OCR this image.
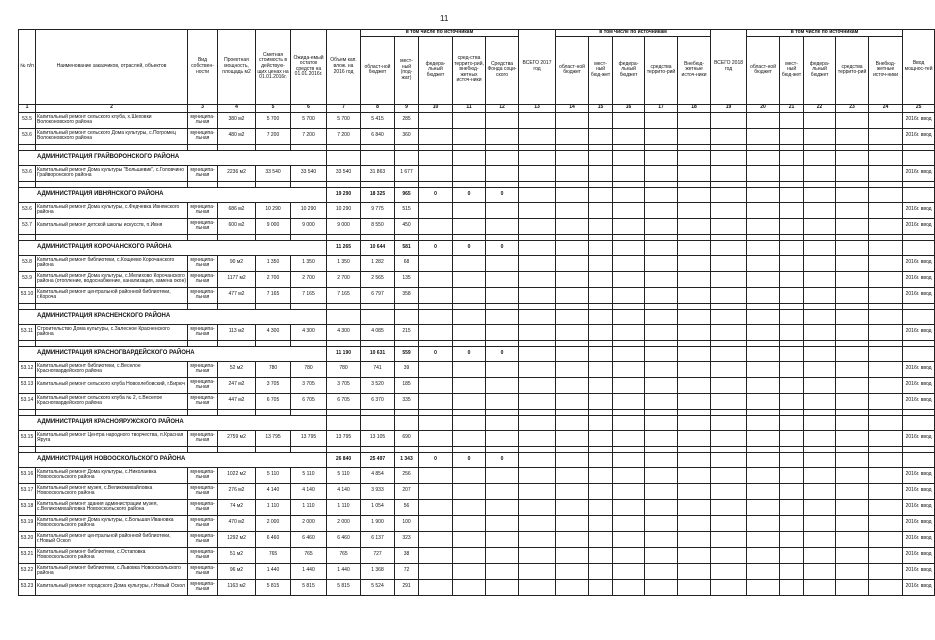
11
№ п/п	Наименование заказчиков, отраслей, объектов	Вид собствен-ности	Проектная мощность, площадь м2	Сметная стоимость в действую-щих ценах на 01.01.2016г.	Ожида-емый остаток средств на 01.01.2016г.	Объем кап. влож. на 2016 год	в том числе по источникам					ВСЕГО 2017 год	в том числе по источникам					ВСЕГО 2018 год	в том числе по источникам					Ввод мощнос-тей
							област-ной бюджет	мест-ный (под-жат)	федера-льный бюджет	сред-ства террито-рий, внебюд-жетных источ-ники	Средства Фонда соци-ского		област-ной бюджет	мест-ный бюд-жет	федера-льный бюджет	средства террито-рий	Внебюд-жетные источ-ники		област-ной бюджет	мест-ный бюд-жет	федера-льный бюджет	средства террито-рий	Внебюд-жетные источ-ники	
1	2	3	4	5	6	7	8	9	10	11	12	13	14	15	16	17	18	19	20	21	22	23	24	25
53.5	Капитальный ремонт сельского клуба, х.Шеховки Волоконовского района	муниципа-льная	380 м2	5 700	5 700	5 700	5 415	285																2016г. ввод
53.6	Капитальный ремонт сельского Дома культуры, с.Погромец Волоконовского района	муниципа-льная	480 м2	7 200	7 200	7 200	6 840	360																2016г. ввод

АДМИНИСТРАЦИЯ ГРАЙВОРОНСКОГО РАЙОНА																								
53.6	Капитальный ремонт Дома культуры "Большевик", с.Головчино Грайворонского района	муниципа-льная	2236 м2	33 540	33 540	33 540	31 863	1 677																2016г. ввод

АДМИНИСТРАЦИЯ ИВНЯНСКОГО РАЙОНА						19 290	18 325	965	0	0	0													
53.6	Капитальный ремонт Дома культуры, с.Федчевка Ивнянского района	муниципа-льная	686 м2	10 290	10 290	10 290	9 775	515																2016г. ввод
53.7	Капитальный ремонт детской школы искусств, п.Ивня	муниципа-льная	600 м2	9 000	9 000	9 000	8 550	450																2016г. ввод

АДМИНИСТРАЦИЯ КОРОЧАНСКОГО РАЙОНА						11 265	10 644	581	0	0	0													
53.8	Капитальный ремонт библиотеки, с.Кощеево Корочанского района	муниципа-льная	90 м2	1 350	1 350	1 350	1 282	68																2016г. ввод
53.9	Капитальный ремонт Дома культуры, с.Мелихово Корочанского района (отопление, водоснабжение, канализация, замена окон)	муниципа-льная	1177 м2	2 700	2 700	2 700	2 565	135																2016г. ввод
53.10	Капитальный ремонт центральной районной библиотеки, г.Короча	муниципа-льная	477 м2	7 165	7 165	7 165	6 797	358																2016г. ввод

АДМИНИСТРАЦИЯ КРАСНЕНСКОГО РАЙОНА																								
53.11	Строительство Дома культуры, с.Залесное Красненского района	муниципа-льная	113 м2	4 300	4 300	4 300	4 085	215																2016г. ввод

АДМИНИСТРАЦИЯ КРАСНОГВАРДЕЙСКОГО РАЙОНА						11 190	10 631	559	0	0	0													
53.12	Капитальный ремонт библиотеки, с.Веселое Красногвардейского района	муниципа-льная	52 м2	780	780	780	741	39																2016г. ввод
53.13	Капитальный ремонт сельского клуба Новохлебовский, г.Бирюч	муниципа-льная	247 м2	3 705	3 705	3 705	3 520	185																2016г. ввод
53.14	Капитальный ремонт сельского клуба № 2, с.Веселое Красногвардейского района	муниципа-льная	447 м2	6 705	6 705	6 705	6 370	335																2016г. ввод

АДМИНИСТРАЦИЯ КРАСНОЯРУЖСКОГО РАЙОНА																								
53.15	Капитальный ремонт Центра народного творчества, п.Красная Яруга	муниципа-льная	2759 м2	13 795	13 795	13 795	13 105	690																2016г. ввод

АДМИНИСТРАЦИЯ НОВООСКОЛЬСКОГО РАЙОНА						26 840	25 497	1 343	0	0	0													
53.16	Капитальный ремонт Дома культуры, с.Николаевка Новооскольского района	муниципа-льная	1022 м2	5 110	5 110	5 110	4 854	256																2016г. ввод
53.17	Капитальный ремонт музея, с.Великомихайловка Новооскольского района	муниципа-льная	276 м2	4 140	4 140	4 140	3 933	207																2016г. ввод
53.18	Капитальный ремонт здания администрации музея, с.Великомихайловка Новооскольского района	муниципа-льная	74 м2	1 110	1 110	1 110	1 054	56																2016г. ввод
53.19	Капитальный ремонт Дома культуры, с.Большая Ивановка Новооскольского района	муниципа-льная	470 м2	2 000	2 000	2 000	1 900	100																2016г. ввод
53.20	Капитальный ремонт центральной районной библиотеки, г.Новый Оскол	муниципа-льная	1292 м2	6 460	6 460	6 460	6 137	323																2016г. ввод
53.21	Капитальный ремонт библиотеки, с.Остаповка Новооскольского района	муниципа-льная	51 м2	765	765	765	727	38																2016г. ввод
53.22	Капитальный ремонт библиотеки, с.Львовка Новооскольского района	муниципа-льная	96 м2	1 440	1 440	1 440	1 368	72																2016г. ввод
53.23	Капитальный ремонт городского Дома культуры, г.Новый Оскол	муниципа-льная	1163 м2	5 815	5 815	5 815	5 524	291																2016г. ввод
